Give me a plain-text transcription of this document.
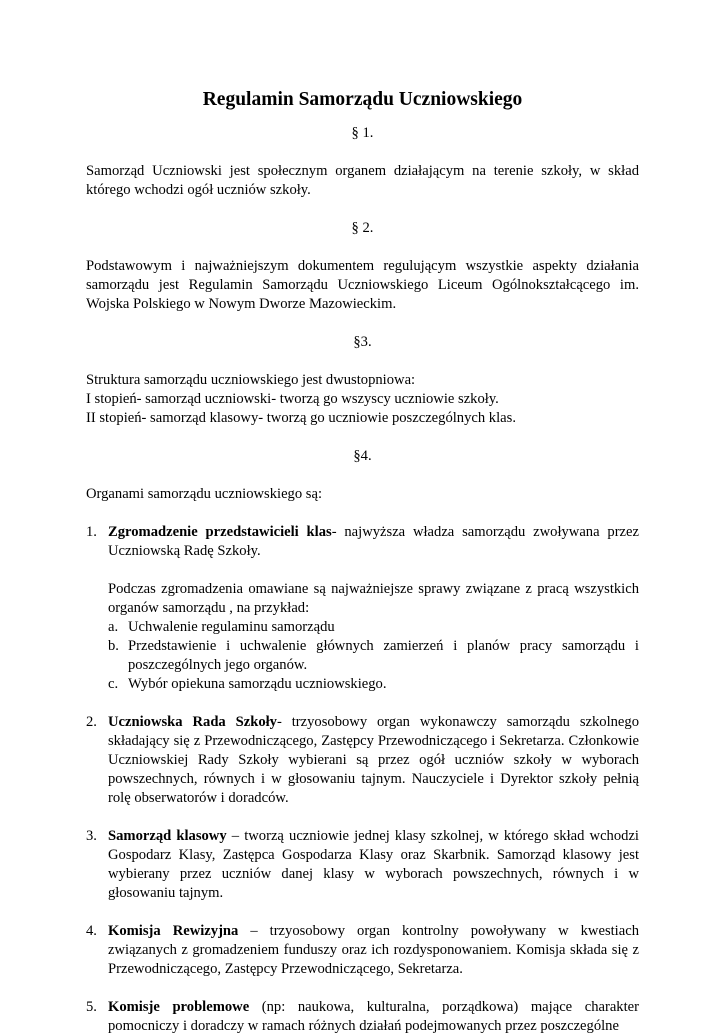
Regulamin Samorządu Uczniowskiego

§ 1.

Samorząd Uczniowski jest społecznym organem działającym na terenie szkoły, w skład którego wchodzi ogół uczniów szkoły.

§ 2.

Podstawowym i najważniejszym dokumentem regulującym wszystkie aspekty działania samorządu jest Regulamin Samorządu Uczniowskiego Liceum Ogólnokształcącego im. Wojska Polskiego w Nowym Dworze Mazowieckim.

§3.

Struktura samorządu uczniowskiego jest dwustopniowa:

I stopień- samorząd uczniowski- tworzą go wszyscy uczniowie szkoły.

II stopień- samorząd klasowy- tworzą go uczniowie poszczególnych klas.

§4.

Organami samorządu uczniowskiego są:

1. Zgromadzenie przedstawicieli klas- najwyższa władza samorządu zwoływana przez Uczniowską Radę Szkoły.

Podczas zgromadzenia omawiane są najważniejsze sprawy związane z pracą wszystkich organów samorządu , na przykład:

a. Uchwalenie regulaminu samorządu
b. Przedstawienie i uchwalenie głównych zamierzeń i planów pracy samorządu i poszczególnych jego organów.
c. Wybór opiekuna samorządu uczniowskiego.
2. Uczniowska Rada Szkoły- trzyosobowy organ wykonawczy samorządu szkolnego składający się z Przewodniczącego, Zastępcy Przewodniczącego i Sekretarza. Członkowie Uczniowskiej Rady Szkoły wybierani są przez ogół uczniów szkoły w wyborach powszechnych, równych i w głosowaniu tajnym. Nauczyciele i Dyrektor szkoły pełnią rolę obserwatorów i doradców.
3. Samorząd klasowy – tworzą uczniowie jednej klasy szkolnej, w którego skład wchodzi Gospodarz Klasy, Zastępca Gospodarza Klasy oraz Skarbnik. Samorząd klasowy jest wybierany przez uczniów danej klasy w wyborach powszechnych, równych i w głosowaniu tajnym.
4. Komisja Rewizyjna – trzyosobowy organ kontrolny powoływany w kwestiach związanych z gromadzeniem funduszy oraz ich rozdysponowaniem. Komisja składa się z Przewodniczącego, Zastępcy Przewodniczącego, Sekretarza.
5. Komisje problemowe (np: naukowa, kulturalna, porządkowa) mające charakter pomocniczy i doradczy w ramach różnych działań podejmowanych przez poszczególne
